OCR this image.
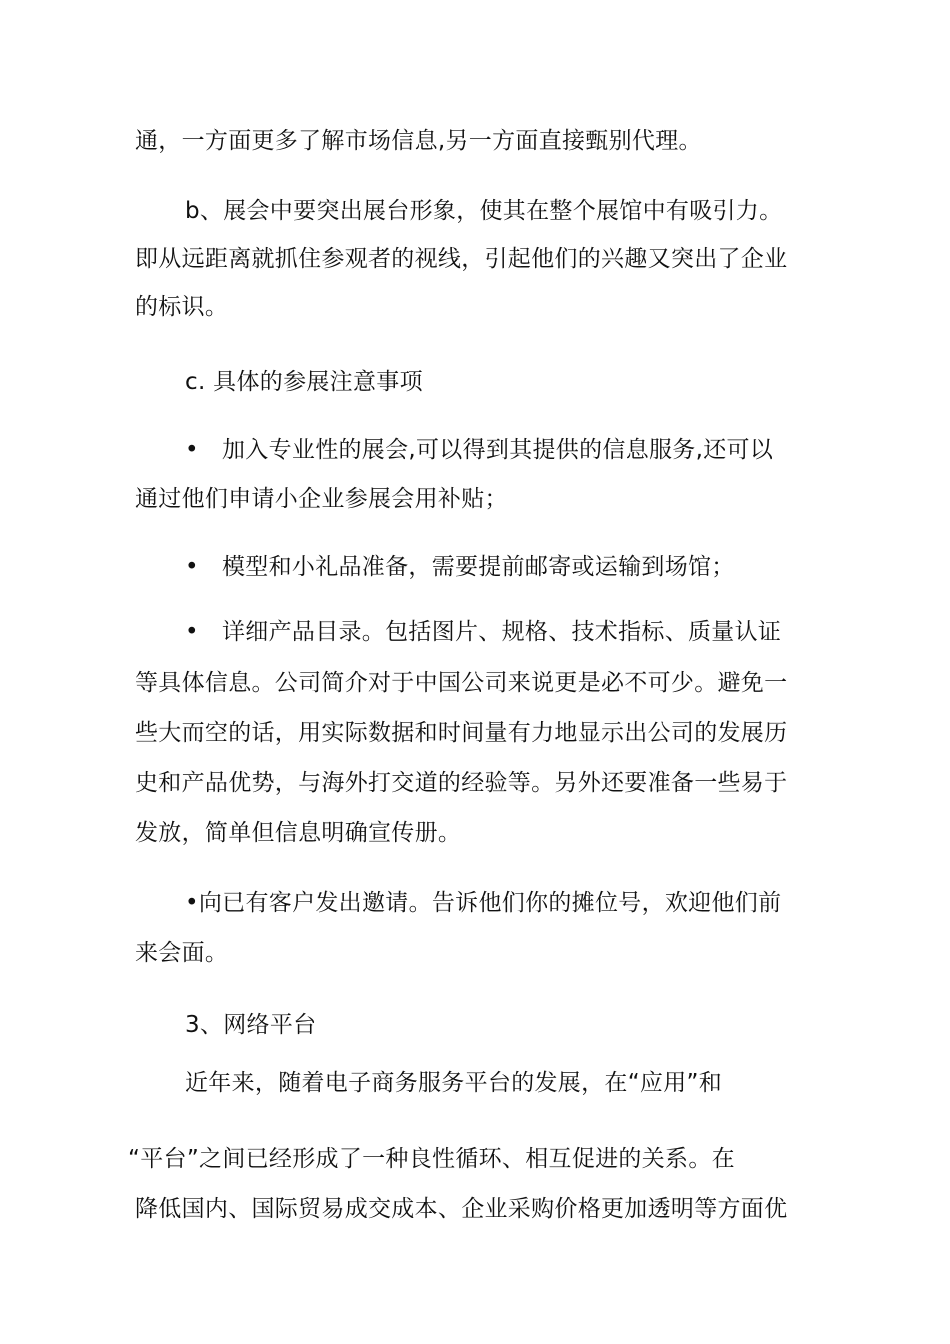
通，一方面更多了解市场信息,另一方面直接甄别代理。
b、展会中要突出展台形象，使其在整个展馆中有吸引力。
即从远距离就抓住参观者的视线，引起他们的兴趣又突出了企业
的标识。
c. 具体的参展注意事项
• 加入专业性的展会,可以得到其提供的信息服务,还可以
通过他们申请小企业参展会用补贴；
• 模型和小礼品准备，需要提前邮寄或运输到场馆；
• 详细产品目录。包括图片、规格、技术指标、质量认证
等具体信息。公司简介对于中国公司来说更是必不可少。避免一
些大而空的话，用实际数据和时间量有力地显示出公司的发展历
史和产品优势，与海外打交道的经验等。另外还要准备一些易于
发放，简单但信息明确宣传册。
•向已有客户发出邀请。告诉他们你的摊位号，欢迎他们前
来会面。
3、网络平台
近年来，随着电子商务服务平台的发展，在“应用”和
“平台”之间已经形成了一种良性循环、相互促进的关系。在
降低国内、国际贸易成交成本、企业采购价格更加透明等方面优
